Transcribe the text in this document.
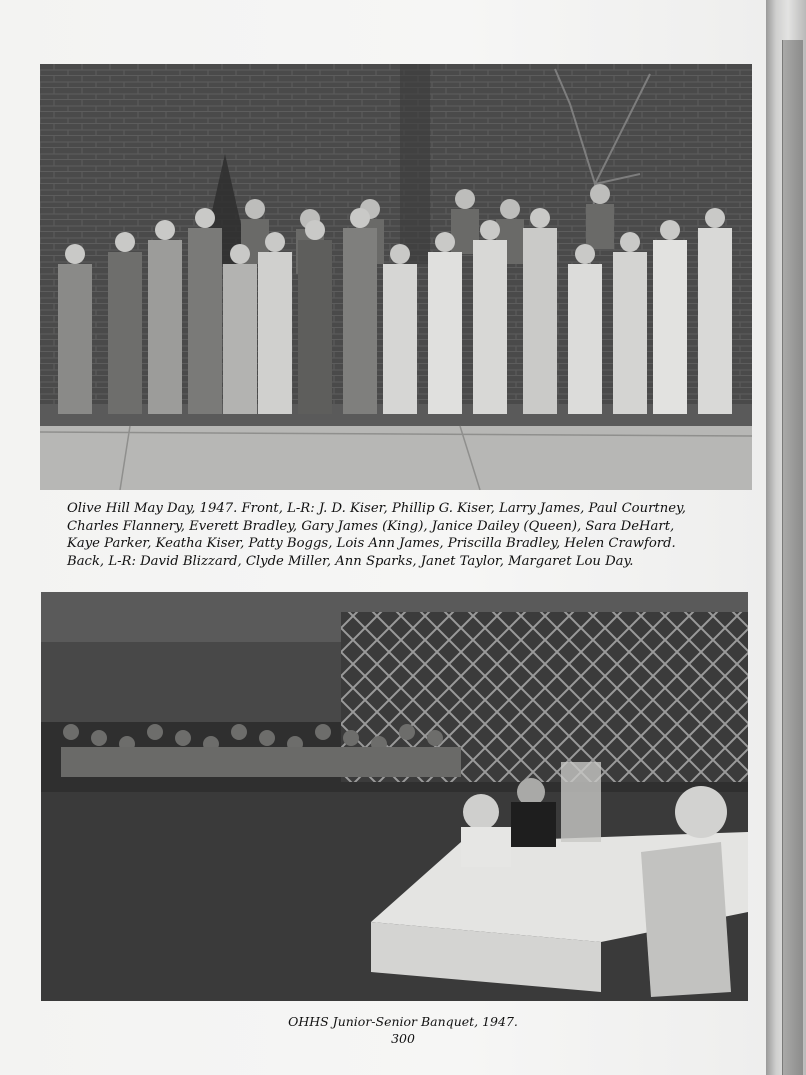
Olive Hill May Day, 1947. Front, L-R: J. D. Kiser, Phillip G. Kiser, Larry James, Paul Courtney,
Charles Flannery, Everett Bradley, Gary James (King), Janice Dailey (Queen), Sara DeHart,
Kaye Parker, Keatha Kiser, Patty Boggs, Lois Ann James, Priscilla Bradley, Helen Crawford.
Back, L-R: David Blizzard, Clyde Miller, Ann Sparks, Janet Taylor, Margaret Lou Day.
OHHS Junior-Senior Banquet, 1947.
300
